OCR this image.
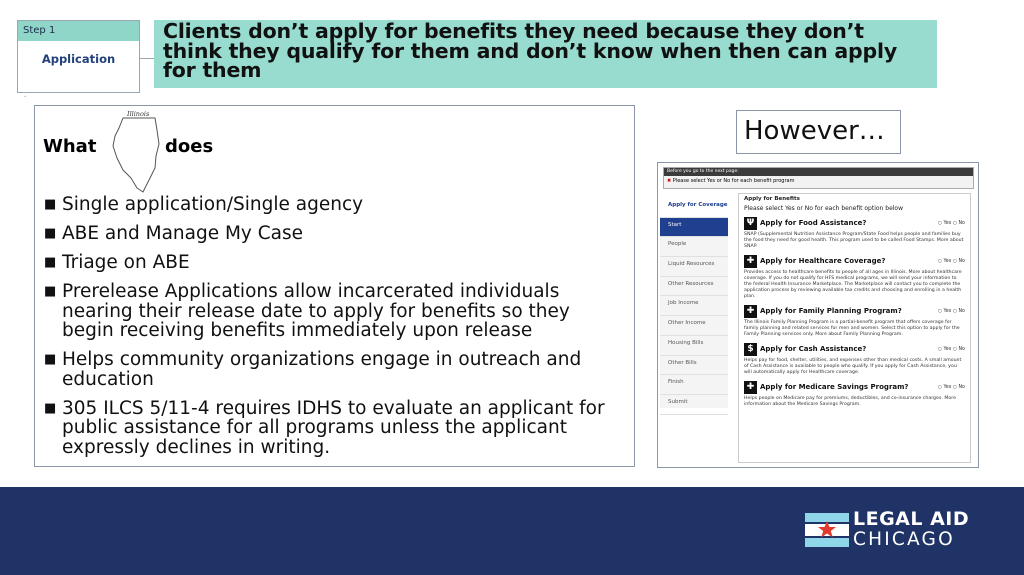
Step 1
Application
•
Clients don’t apply for benefits they need because they don’t think they qualify for them and don’t know when then can apply for them
What	does
Illinois
■ Single application/Single agency
■ ABE and Manage My Case
■ Triage on ABE
■ Prerelease Applications allow incarcerated individuals nearing their release date to apply for benefits so they begin receiving benefits immediately upon release
■ Helps community organizations engage in outreach and education
■ 305 ILCS 5/11-4 requires IDHS to evaluate an applicant for public assistance for all programs unless the applicant expressly declines in writing.
However…
Before you go to the next page:
✖ Please select Yes or No for each benefit program
Apply for Coverage
Start
People
Liquid Resources
Other Resources
Job Income
Other Income
Housing Bills
Other Bills
Finish
Submit
Apply for Benefits
Please select Yes or No for each benefit option below
Ψ Apply for Food Assistance?	○ Yes ○ No
SNAP (Supplemental Nutrition Assistance Program/State Food helps people and families buy the food they need for good health. This program used to be called Food Stamps. More about SNAP.
✚ Apply for Healthcare Coverage?	○ Yes ○ No
Provides access to healthcare benefits to people of all ages in Illinois. More about healthcare coverage. If you do not qualify for HFS medical programs, we will send your information to the federal Health Insurance Marketplace. The Marketplace will contact you to complete the application process by reviewing available tax credits and choosing and enrolling in a health plan.
✚ Apply for Family Planning Program?	○ Yes ○ No
The Illinois Family Planning Program is a partial-benefit program that offers coverage for family planning and related services for men and women. Select this option to apply for the Family Planning services only. More about Family Planning Program.
$ Apply for Cash Assistance?	○ Yes ○ No
Helps pay for food, shelter, utilities, and expenses other than medical costs. A small amount of Cash Assistance is available to people who qualify. If you apply for Cash Assistance, you will automatically apply for Healthcare coverage.
✚ Apply for Medicare Savings Program?	○ Yes ○ No
Helps people on Medicare pay for premiums, deductibles, and co-insurance charges. More information about the Medicare Savings Program.
LEGAL AID
CHICAGO
